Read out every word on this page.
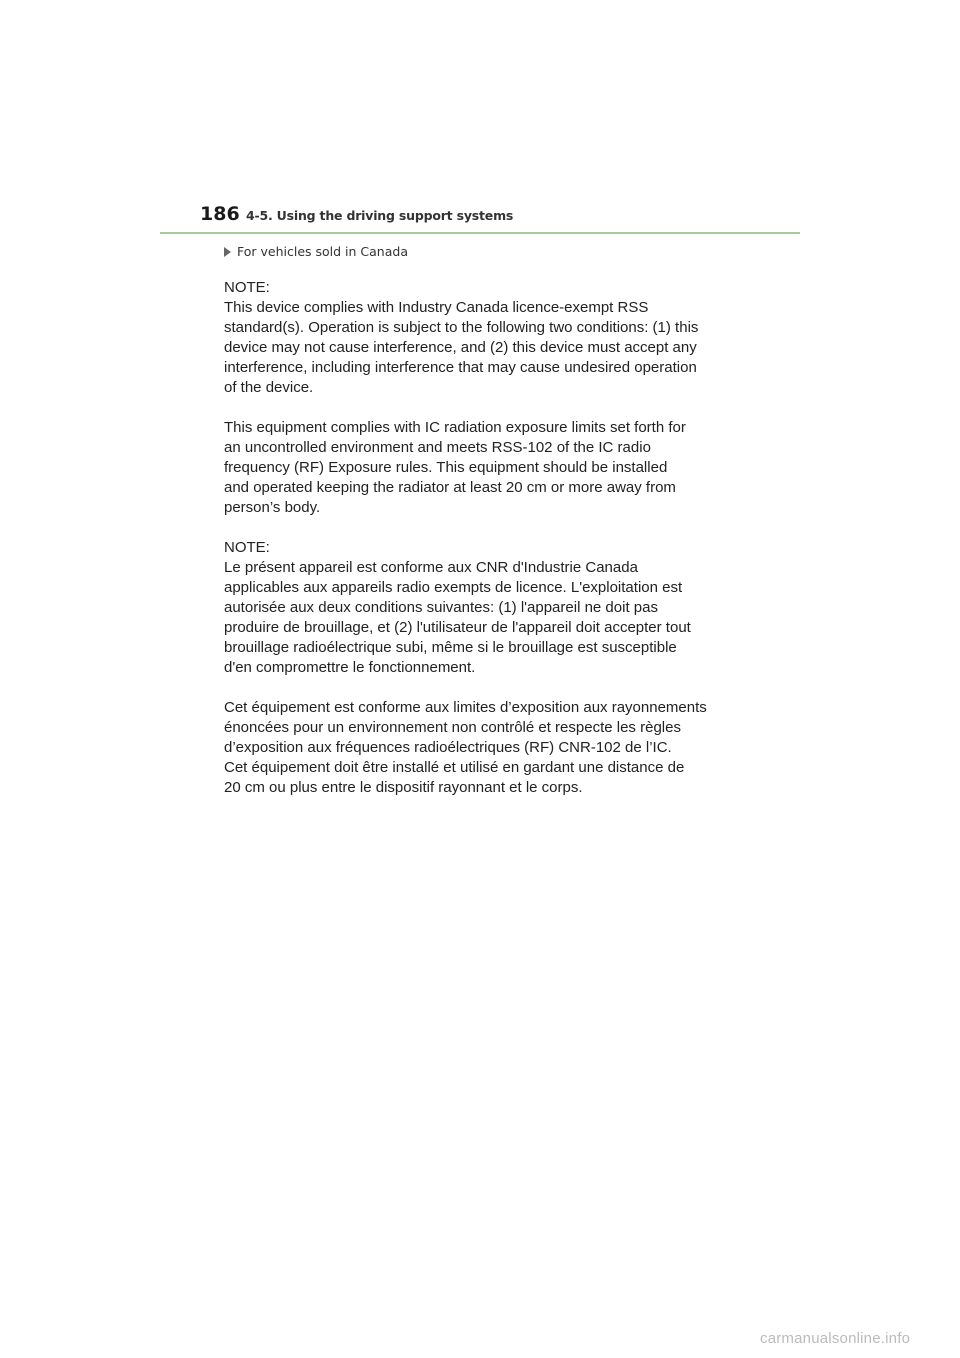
186 4-5. Using the driving support systems
For vehicles sold in Canada
NOTE:
This device complies with Industry Canada licence-exempt RSS
standard(s). Operation is subject to the following two conditions: (1) this
device may not cause interference, and (2) this device must accept any
interference, including interference that may cause undesired operation
of the device.
This equipment complies with IC radiation exposure limits set forth for
an uncontrolled environment and meets RSS-102 of the IC radio
frequency (RF) Exposure rules. This equipment should be installed
and operated keeping the radiator at least 20 cm or more away from
person’s body.
NOTE:
Le présent appareil est conforme aux CNR d'Industrie Canada
applicables aux appareils radio exempts de licence. L'exploitation est
autorisée aux deux conditions suivantes: (1) l'appareil ne doit pas
produire de brouillage, et (2) l'utilisateur de l'appareil doit accepter tout
brouillage radioélectrique subi, même si le brouillage est susceptible
d'en compromettre le fonctionnement.
Cet équipement est conforme aux limites d’exposition aux rayonnements
énoncées pour un environnement non contrôlé et respecte les règles
d’exposition aux fréquences radioélectriques (RF) CNR-102 de l’IC.
Cet équipement doit être installé et utilisé en gardant une distance de
20 cm ou plus entre le dispositif rayonnant et le corps.
carmanualsonline.info
